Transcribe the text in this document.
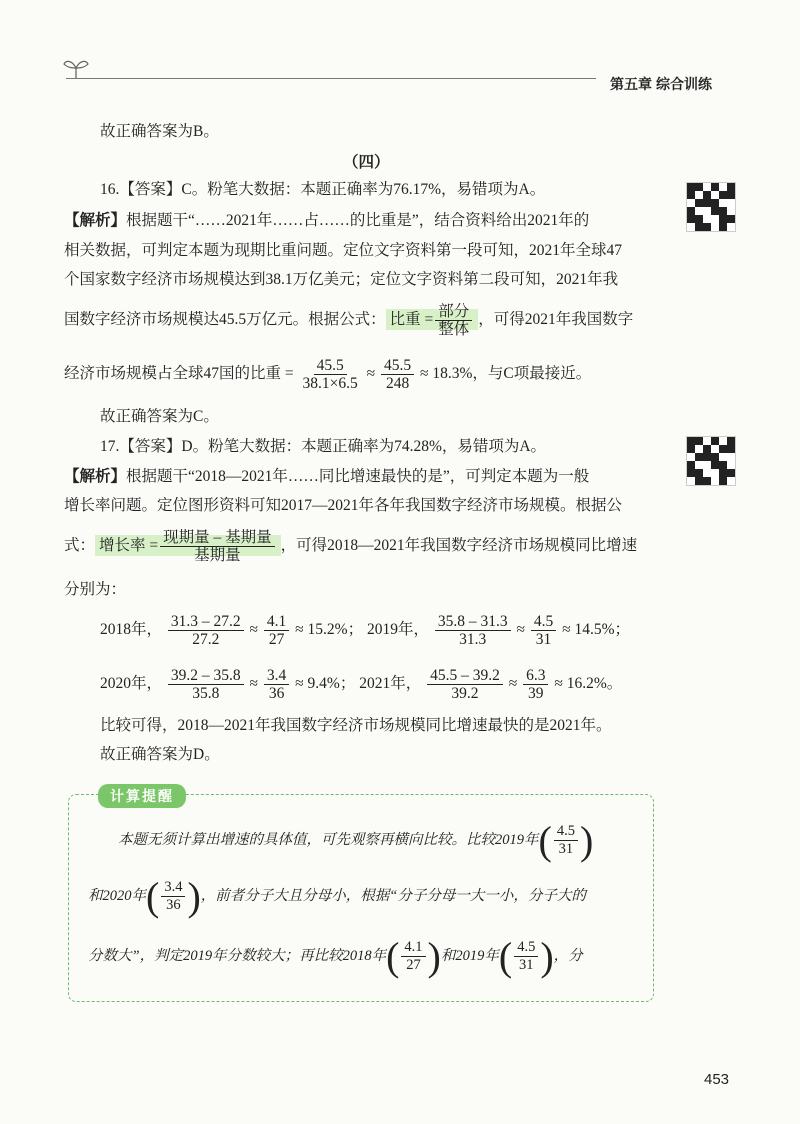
第五章 综合训练
故正确答案为B。
（四）
16.【答案】C。粉笔大数据：本题正确率为76.17%，易错项为A。
【解析】根据题干“……2021年……占……的比重是”，结合资料给出2021年的
相关数据，可判定本题为现期比重问题。定位文字资料第一段可知，2021年全球47
个国家数字经济市场规模达到38.1万亿美元；定位文字资料第二段可知，2021年我
国数字经济市场规模达45.5万亿元。根据公式： 比重 = $\frac{\text{部分}}{\text{整体}}$ ，可得2021年我国数字
经济市场规模占全球47国的比重 = $\frac{45.5}{38.1\times 6.5} \approx \frac{45.5}{248} \approx 18.3\%$，与C项最接近。
故正确答案为C。
17.【答案】D。粉笔大数据：本题正确率为74.28%，易错项为A。
【解析】根据题干“2018—2021年……同比增速最快的是”，可判定本题为一般
增长率问题。定位图形资料可知2017—2021年各年我国数字经济市场规模。根据公
式： 增长率 = $\frac{\text{现期量 – 基期量}}{\text{基期量}}$ ，可得2018—2021年我国数字经济市场规模同比增速
分别为：
2018年， $\frac{31.3 - 27.2}{27.2} \approx \frac{4.1}{27} \approx 15.2\%$； 2019年， $\frac{35.8 - 31.3}{31.3} \approx \frac{4.5}{31} \approx 14.5\%$；
2020年， $\frac{39.2 - 35.8}{35.8} \approx \frac{3.4}{36} \approx 9.4\%$； 2021年， $\frac{45.5 - 39.2}{39.2} \approx \frac{6.3}{39} \approx 16.2\%$。
比较可得，2018—2021年我国数字经济市场规模同比增速最快的是2021年。
故正确答案为D。
计算提醒
本题无须计算出增速的具体值，可先观察再横向比较。比较2019年 ( $\frac{4.5}{31}$ )
和2020年 ( $\frac{3.4}{36}$ ) ，前者分子大且分母小，根据“分子分母一大一小，分子大的
分数大”，判定2019年分数较大；再比较2018年 ( $\frac{4.1}{27}$ ) 和2019年 ( $\frac{4.5}{31}$ ) ，分
453
